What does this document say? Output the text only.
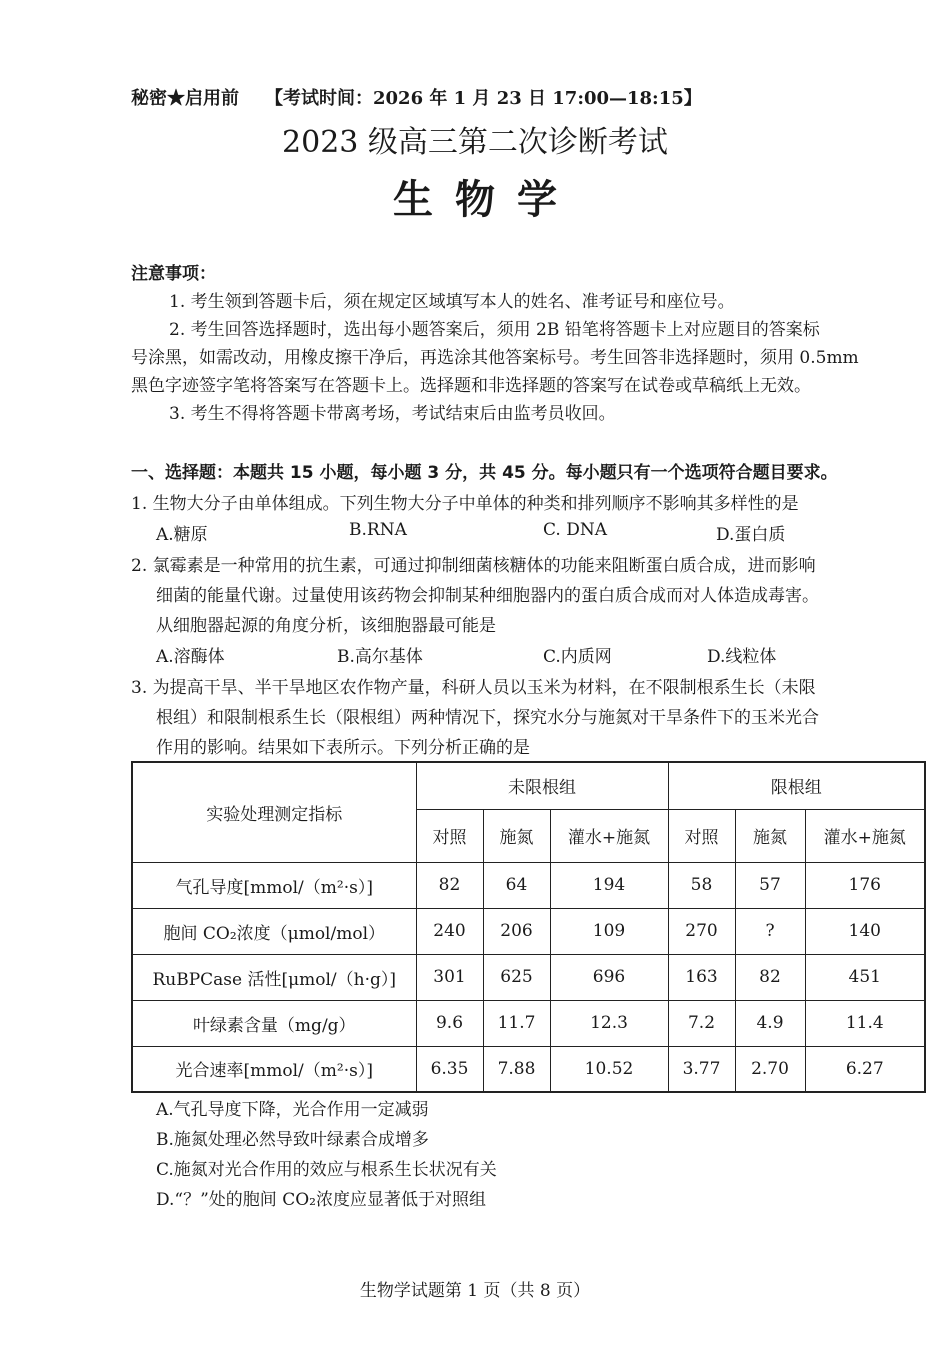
秘密★启用前 【考试时间：2026 年 1 月 23 日 17:00—18:15】
2023 级高三第二次诊断考试
生物学
注意事项：
1. 考生领到答题卡后，须在规定区域填写本人的姓名、准考证号和座位号。
2. 考生回答选择题时，选出每小题答案后，须用 2B 铅笔将答题卡上对应题目的答案标
号涂黑，如需改动，用橡皮擦干净后，再选涂其他答案标号。考生回答非选择题时，须用 0.5mm
黑色字迹签字笔将答案写在答题卡上。选择题和非选择题的答案写在试卷或草稿纸上无效。
3. 考生不得将答题卡带离考场，考试结束后由监考员收回。
一、选择题：本题共 15 小题，每小题 3 分，共 45 分。每小题只有一个选项符合题目要求。
1. 生物大分子由单体组成。下列生物大分子中单体的种类和排列顺序不影响其多样性的是
A.糖原	B.RNA	C. DNA	D.蛋白质
2. 氯霉素是一种常用的抗生素，可通过抑制细菌核糖体的功能来阻断蛋白质合成，进而影响
细菌的能量代谢。过量使用该药物会抑制某种细胞器内的蛋白质合成而对人体造成毒害。
从细胞器起源的角度分析，该细胞器最可能是
A.溶酶体	B.高尔基体	C.内质网	D.线粒体
3. 为提高干旱、半干旱地区农作物产量，科研人员以玉米为材料，在不限制根系生长（未限
根组）和限制根系生长（限根组）两种情况下，探究水分与施氮对干旱条件下的玉米光合
作用的影响。结果如下表所示。下列分析正确的是
实验处理测定指标	未限根组			限根组		
	对照	施氮	灌水+施氮	对照	施氮	灌水+施氮
气孔导度[mmol/（m²·s）]	82	64	194	58	57	176
胞间 CO₂浓度（μmol/mol）	240	206	109	270	?	140
RuBPCase 活性[μmol/（h·g）]	301	625	696	163	82	451
叶绿素含量（mg/g）	9.6	11.7	12.3	7.2	4.9	11.4
光合速率[mmol/（m²·s）]	6.35	7.88	10.52	3.77	2.70	6.27
A.气孔导度下降，光合作用一定减弱
B.施氮处理必然导致叶绿素合成增多
C.施氮对光合作用的效应与根系生长状况有关
D.“？”处的胞间 CO₂浓度应显著低于对照组
生物学试题第 1 页（共 8 页）
